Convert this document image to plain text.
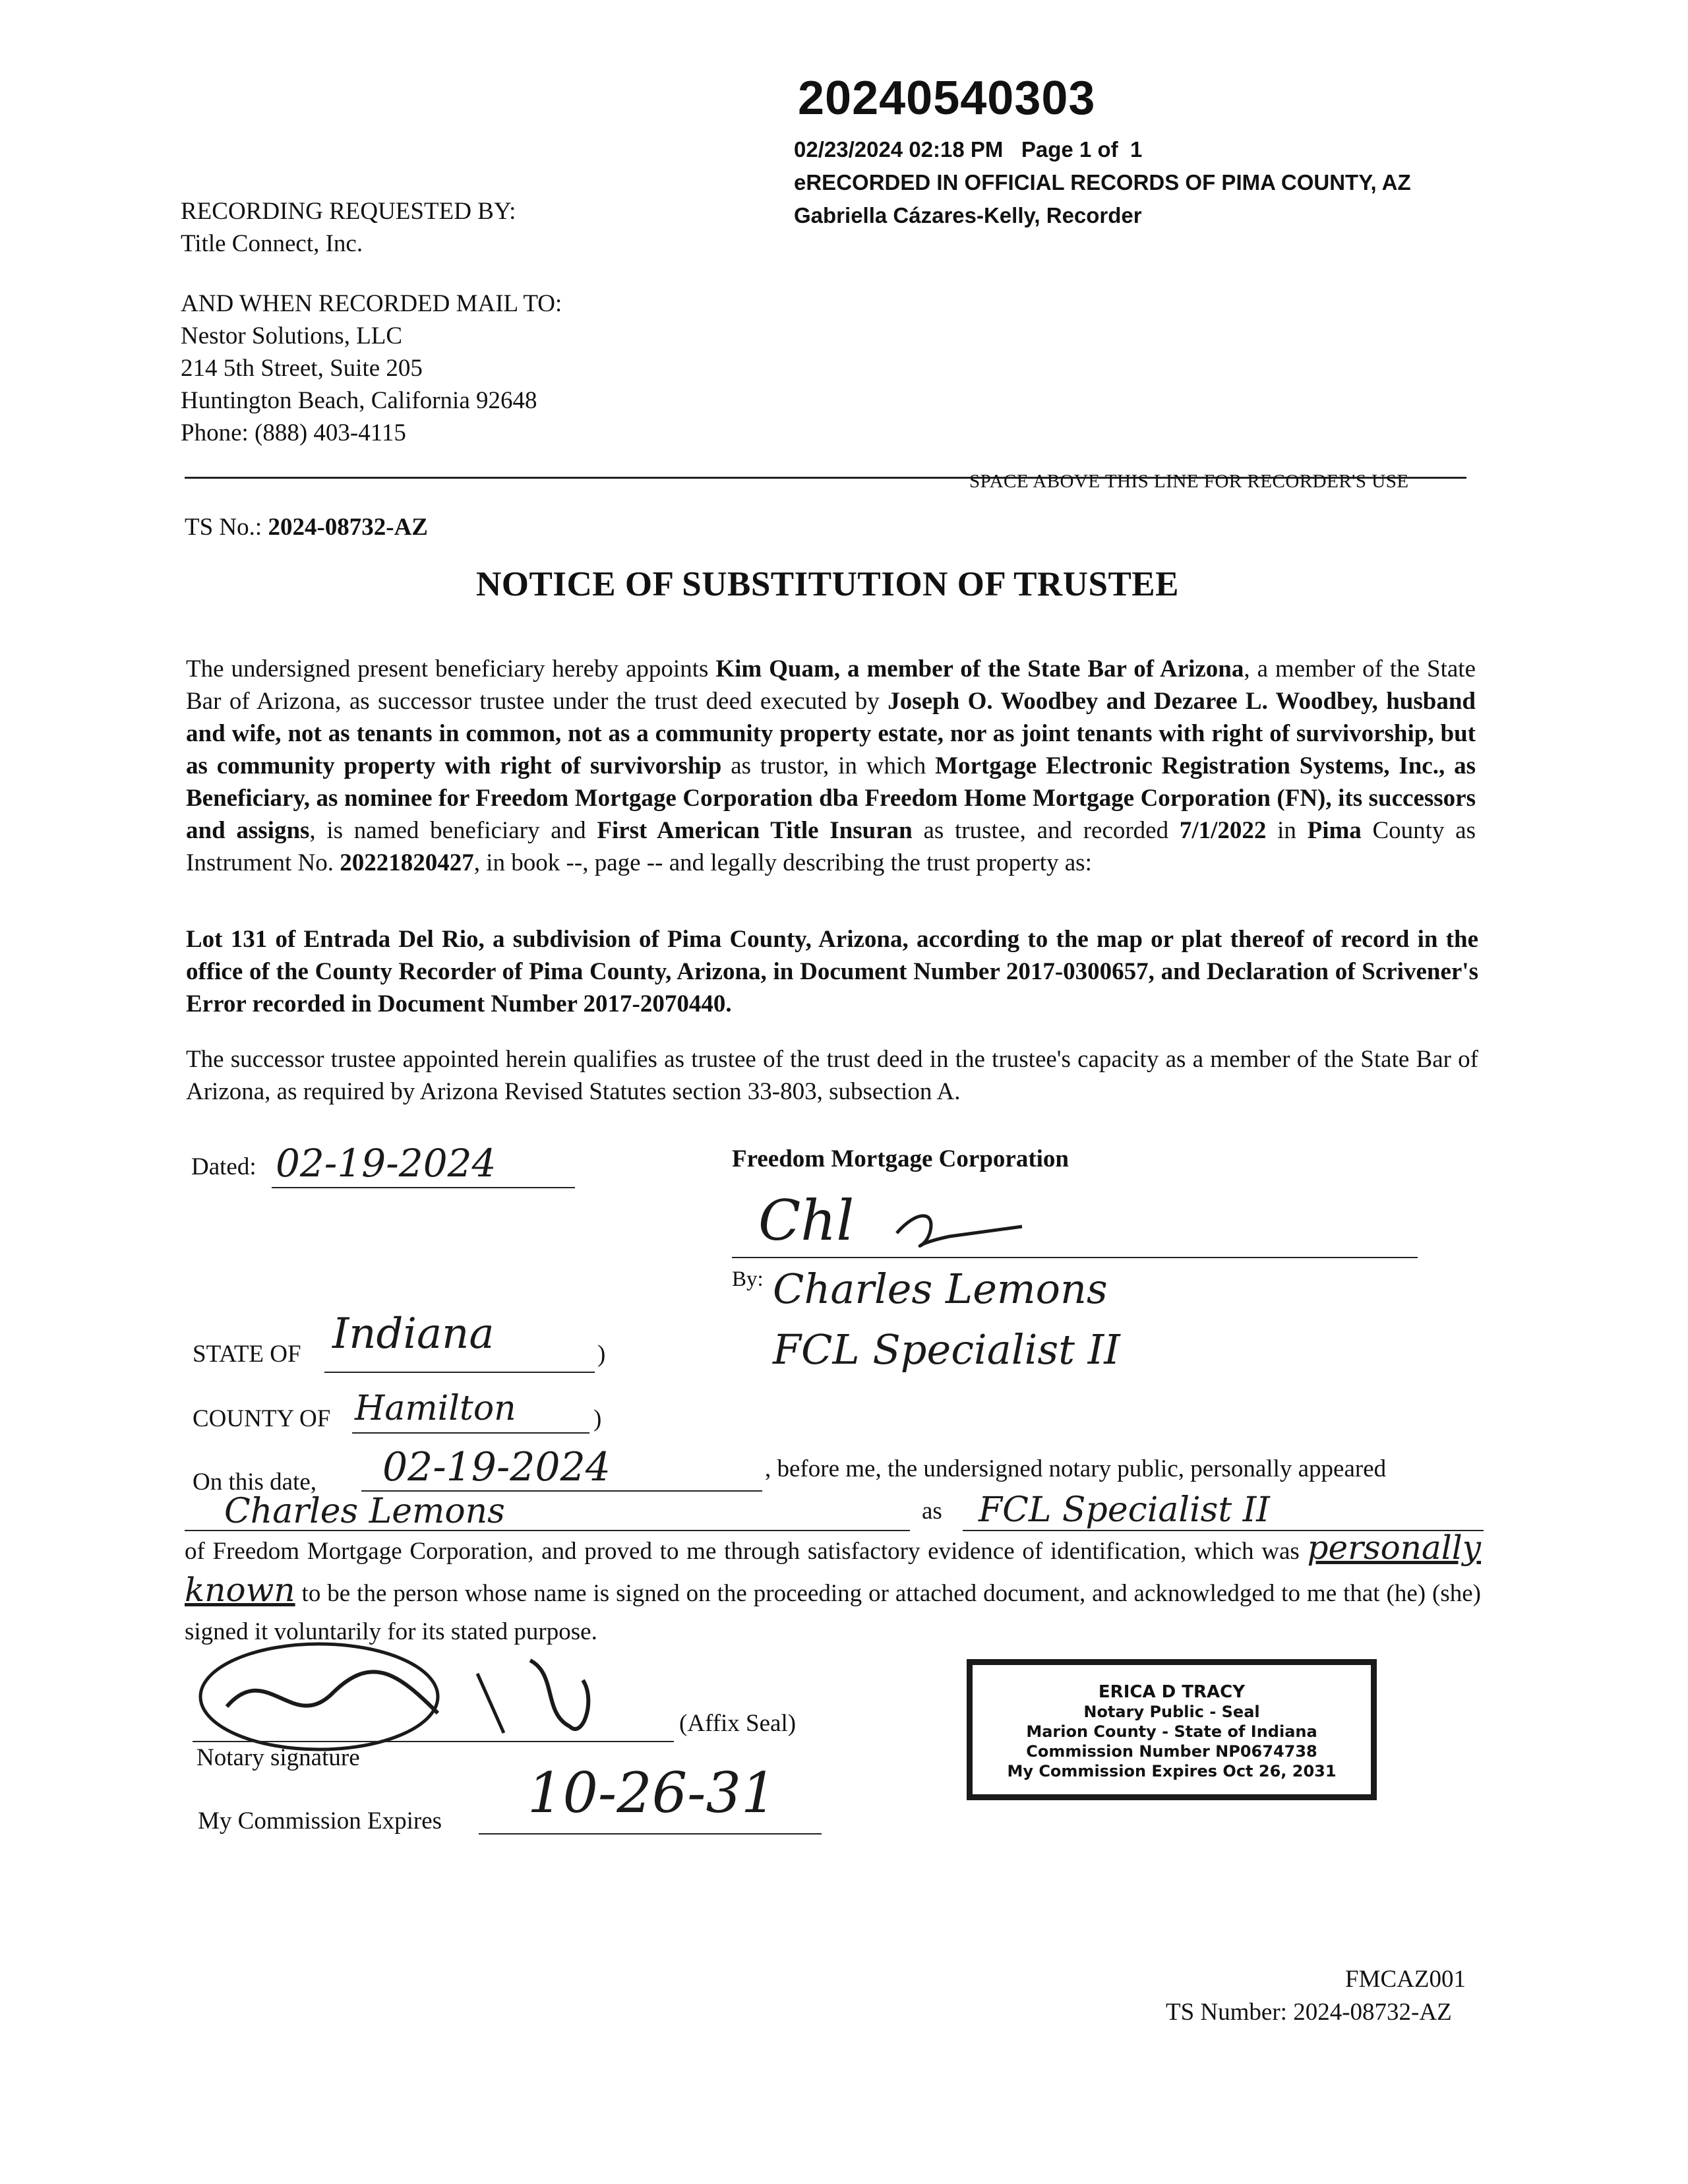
20240540303
02/23/2024 02:18 PM   Page 1 of  1
eRECORDED IN OFFICIAL RECORDS OF PIMA COUNTY, AZ
Gabriella Cázares-Kelly, Recorder
RECORDING REQUESTED BY:
Title Connect, Inc.
AND WHEN RECORDED MAIL TO:
Nestor Solutions, LLC
214 5th Street, Suite 205
Huntington Beach, California 92648
Phone: (888) 403-4115
SPACE ABOVE THIS LINE FOR RECORDER'S USE
TS No.: 2024-08732-AZ
NOTICE OF SUBSTITUTION OF TRUSTEE
The undersigned present beneficiary hereby appoints Kim Quam, a member of the State Bar of Arizona, a member of the State Bar of Arizona, as successor trustee under the trust deed executed by Joseph O. Woodbey and Dezaree L. Woodbey, husband and wife, not as tenants in common, not as a community property estate, nor as joint tenants with right of survivorship, but as community property with right of survivorship as trustor, in which Mortgage Electronic Registration Systems, Inc., as Beneficiary, as nominee for Freedom Mortgage Corporation dba Freedom Home Mortgage Corporation (FN), its successors and assigns, is named beneficiary and First American Title Insuran as trustee, and recorded 7/1/2022 in Pima County as Instrument No. 20221820427, in book --, page -- and legally describing the trust property as:
Lot 131 of Entrada Del Rio, a subdivision of Pima County, Arizona, according to the map or plat thereof of record in the office of the County Recorder of Pima County, Arizona, in Document Number 2017-0300657, and Declaration of Scrivener's Error recorded in Document Number 2017-2070440.
The successor trustee appointed herein qualifies as trustee of the trust deed in the trustee's capacity as a member of the State Bar of Arizona, as required by Arizona Revised Statutes section 33-803, subsection A.
Dated: 02-19-2024	Freedom Mortgage Corporation
Chl
By: Charles Lemons
FCL Specialist II
STATE OF Indiana	)
COUNTY OF Hamilton	)
On this date, 02-19-2024	, before me, the undersigned notary public, personally appeared
Charles Lemons	as FCL Specialist II
of Freedom Mortgage Corporation, and proved to me through satisfactory evidence of identification, which was personally known to be the person whose name is signed on the proceeding or attached document, and acknowledged to me that (he) (she) signed it voluntarily for its stated purpose.
(Affix Seal)
Notary signature
My Commission Expires 10-26-31
ERICA D TRACY
Notary Public - Seal
Marion County - State of Indiana
Commission Number NP0674738
My Commission Expires Oct 26, 2031
FMCAZ001
TS Number: 2024-08732-AZ
